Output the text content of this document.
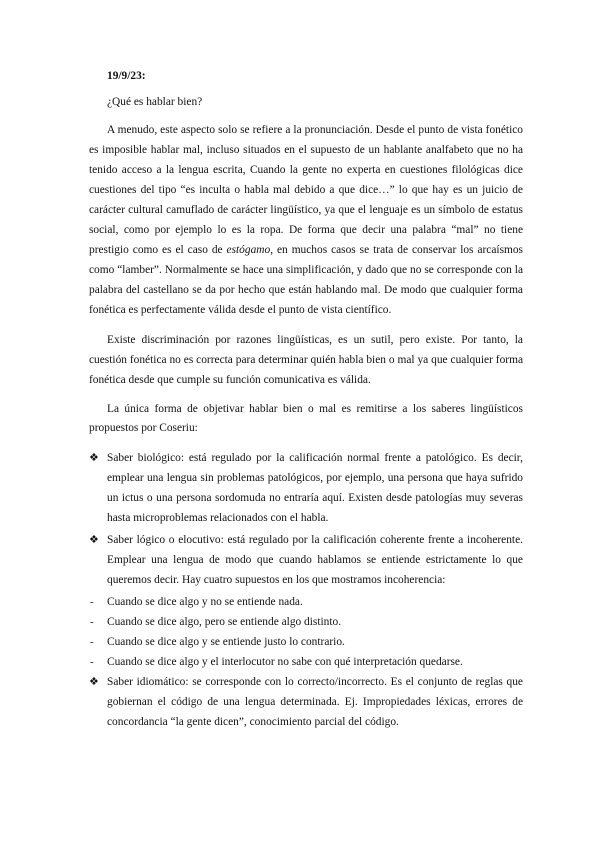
19/9/23:
¿Qué es hablar bien?

A menudo, este aspecto solo se refiere a la pronunciación. Desde el punto de vista fonético es imposible hablar mal, incluso situados en el supuesto de un hablante analfabeto que no ha tenido acceso a la lengua escrita, Cuando la gente no experta en cuestiones filológicas dice cuestiones del tipo “es inculta o habla mal debido a que dice…” lo que hay es un juicio de carácter cultural camuflado de carácter lingüístico, ya que el lenguaje es un símbolo de estatus social, como por ejemplo lo es la ropa. De forma que decir una palabra “mal” no tiene prestigio como es el caso de estógamo, en muchos casos se trata de conservar los arcaísmos como “lamber”. Normalmente se hace una simplificación, y dado que no se corresponde con la palabra del castellano se da por hecho que están hablando mal. De modo que cualquier forma fonética es perfectamente válida desde el punto de vista científico.

Existe discriminación por razones lingüísticas, es un sutil, pero existe. Por tanto, la cuestión fonética no es correcta para determinar quién habla bien o mal ya que cualquier forma fonética desde que cumple su función comunicativa es válida.

La única forma de objetivar hablar bien o mal es remitirse a los saberes lingüísticos propuestos por Coseriu:

❖ Saber biológico: está regulado por la calificación normal frente a patológico. Es decir, emplear una lengua sin problemas patológicos, por ejemplo, una persona que haya sufrido un ictus o una persona sordomuda no entraría aquí. Existen desde patologías muy severas hasta microproblemas relacionados con el habla.
❖ Saber lógico o elocutivo: está regulado por la calificación coherente frente a incoherente. Emplear una lengua de modo que cuando hablamos se entiende estrictamente lo que queremos decir. Hay cuatro supuestos en los que mostramos incoherencia:
- Cuando se dice algo y no se entiende nada.
- Cuando se dice algo, pero se entiende algo distinto.
- Cuando se dice algo y se entiende justo lo contrario.
- Cuando se dice algo y el interlocutor no sabe con qué interpretación quedarse.
❖ Saber idiomático: se corresponde con lo correcto/incorrecto. Es el conjunto de reglas que gobiernan el código de una lengua determinada. Ej. Impropiedades léxicas, errores de concordancia “la gente dicen”, conocimiento parcial del código.
